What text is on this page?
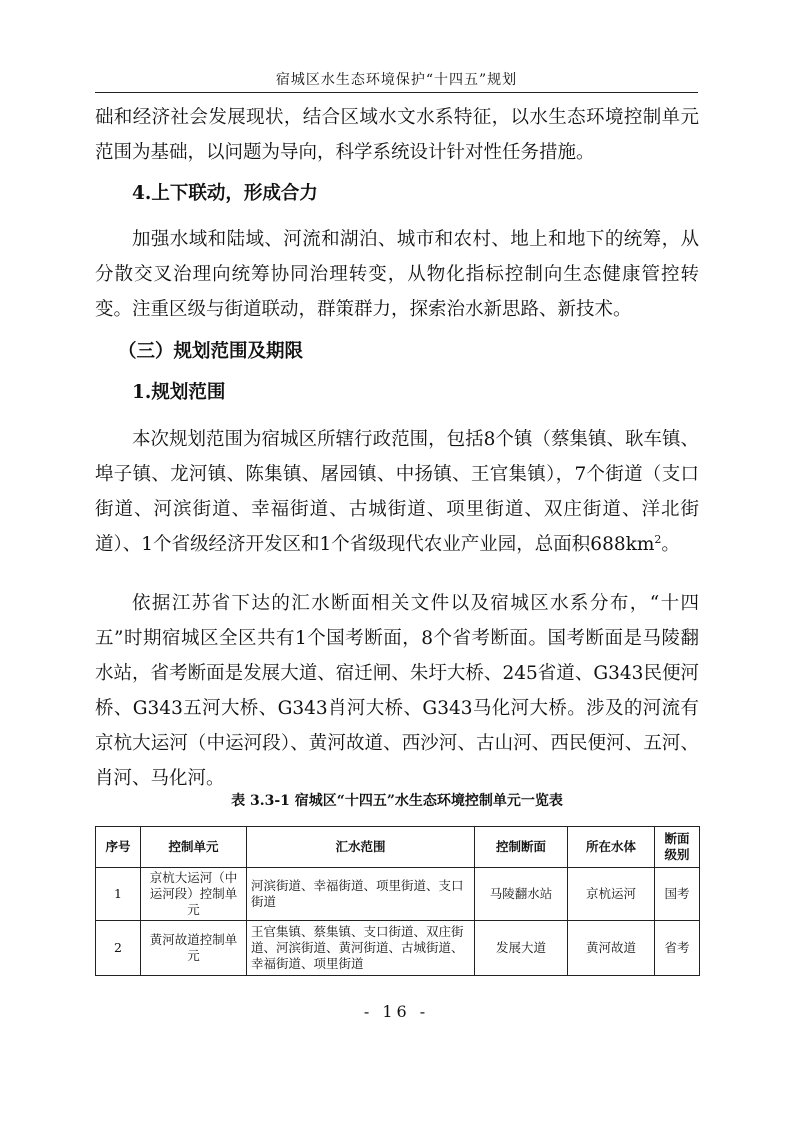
宿城区水生态环境保护“十四五”规划

础和经济社会发展现状，结合区域水文水系特征，以水生态环境控制单元范围为基础，以问题为导向，科学系统设计针对性任务措施。

4.上下联动，形成合力

加强水域和陆域、河流和湖泊、城市和农村、地上和地下的统筹，从分散交叉治理向统筹协同治理转变，从物化指标控制向生态健康管控转变。注重区级与街道联动，群策群力，探索治水新思路、新技术。

（三）规划范围及期限

1.规划范围

本次规划范围为宿城区所辖行政范围，包括8个镇（蔡集镇、耿车镇、埠子镇、龙河镇、陈集镇、屠园镇、中扬镇、王官集镇），7个街道（支口街道、河滨街道、幸福街道、古城街道、项里街道、双庄街道、洋北街道）、1个省级经济开发区和1个省级现代农业产业园，总面积$688km^2$。

依据江苏省下达的汇水断面相关文件以及宿城区水系分布，“十四五”时期宿城区全区共有1个国考断面，8个省考断面。国考断面是马陵翻水站，省考断面是发展大道、宿迁闸、朱圩大桥、245省道、G343民便河桥、G343五河大桥、G343肖河大桥、G343马化河大桥。涉及的河流有京杭大运河（中运河段）、黄河故道、西沙河、古山河、西民便河、五河、肖河、马化河。

表 3.3-1 宿城区“十四五”水生态环境控制单元一览表
序号	控制单元	汇水范围	控制断面	所在水体	断面级别
1	京杭大运河（中运河段）控制单元	河滨街道、幸福街道、项里街道、支口街道	马陵翻水站	京杭运河	国考
2	黄河故道控制单元	王官集镇、蔡集镇、支口街道、双庄街道、河滨街道、黄河街道、古城街道、幸福街道、项里街道	发展大道	黄河故道	省考
- 16 -
